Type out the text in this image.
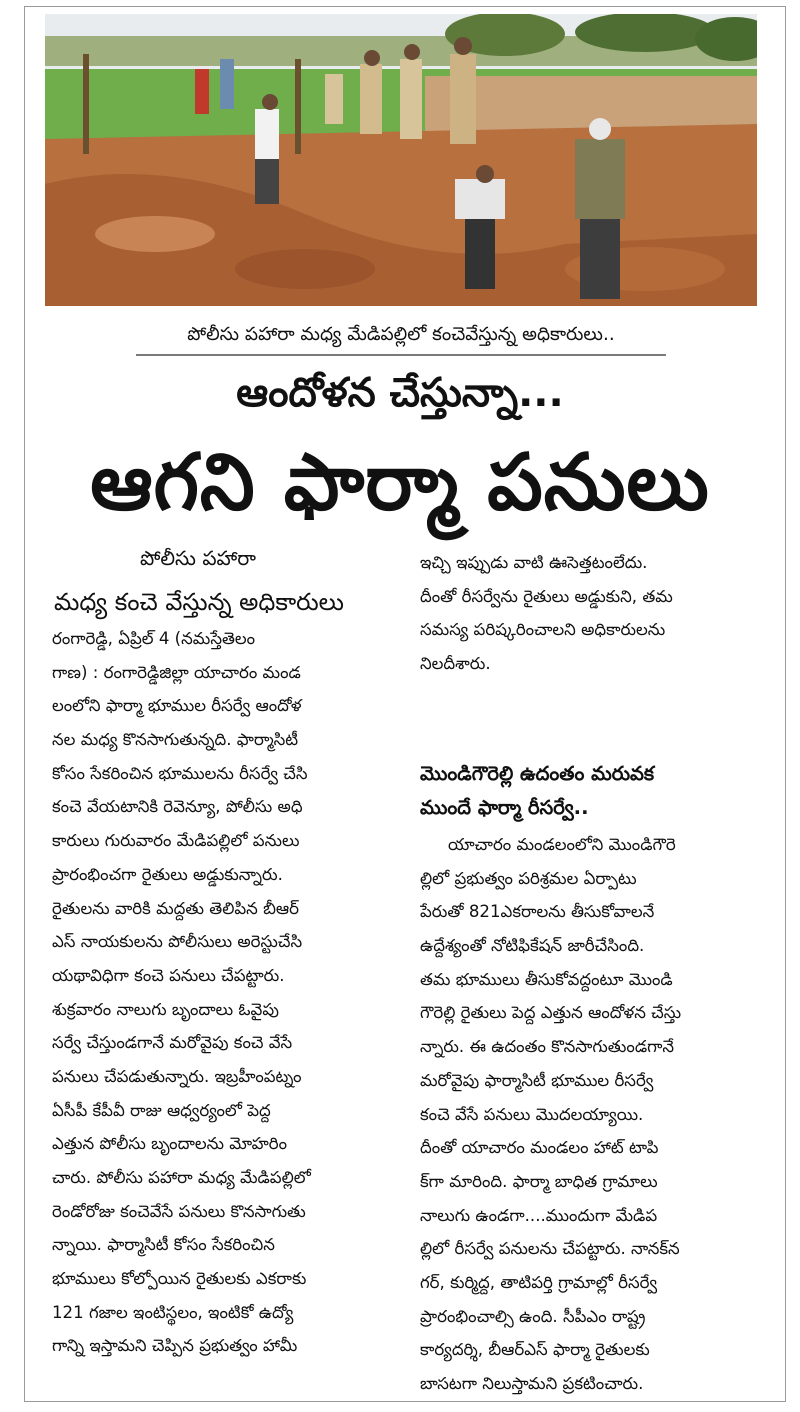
పోలీసు పహారా మధ్య మేడిపల్లిలో కంచెవేస్తున్న అధికారులు..
ఆందోళన చేస్తున్నా...
ఆగని ఫార్మా పనులు
పోలీసు పహారా
మధ్య కంచె వేస్తున్న అధికారులు
రంగారెడ్డి, ఏప్రిల్ 4 (నమస్తేతెలం
గాణ) : రంగారెడ్డిజిల్లా యాచారం మండ
లంలోని ఫార్మా భూముల రీసర్వే ఆందోళ
నల మధ్య కొనసాగుతున్నది. ఫార్మాసిటీ
కోసం సేకరించిన భూములను రీసర్వే చేసి
కంచె వేయటానికి రెవెన్యూ, పోలీసు అధి
కారులు గురువారం మేడిపల్లిలో పనులు
ప్రారంభించగా రైతులు అడ్డుకున్నారు.
రైతులను వారికి మద్దతు తెలిపిన బీఆర్
ఎస్ నాయకులను పోలీసులు అరెస్టుచేసి
యథావిధిగా కంచె పనులు చేపట్టారు.
శుక్రవారం నాలుగు బృందాలు ఓవైపు
సర్వే చేస్తుండగానే మరోవైపు కంచె వేసే
పనులు చేపడుతున్నారు. ఇబ్రహీంపట్నం
ఏసీపీ కేపీవీ రాజు ఆధ్వర్యంలో పెద్ద
ఎత్తున పోలీసు బృందాలను మోహరిం
చారు. పోలీసు పహారా మధ్య మేడిపల్లిలో
రెండోరోజు కంచెవేసే పనులు కొనసాగుతు
న్నాయి. ఫార్మాసిటీ కోసం సేకరించిన
భూములు కోల్పోయిన రైతులకు ఎకరాకు
121 గజాల ఇంటిస్థలం, ఇంటికో ఉద్యో
గాన్ని ఇస్తామని చెప్పిన ప్రభుత్వం హామీ
ఇచ్చి ఇప్పుడు వాటి ఊసెత్తటంలేదు.
దీంతో రీసర్వేను రైతులు అడ్డుకుని, తమ
సమస్య పరిష్కరించాలని అధికారులను
నిలదీశారు.
మొండిగౌరెల్లి ఉదంతం మరువక
ముందే ఫార్మా రీసర్వే..
యాచారం మండలంలోని మొండిగౌరె
ల్లిలో ప్రభుత్వం పరిశ్రమల ఏర్పాటు
పేరుతో 821ఎకరాలను తీసుకోవాలనే
ఉద్దేశ్యంతో నోటిఫికేషన్ జారీచేసింది.
తమ భూములు తీసుకోవద్దంటూ మొండి
గౌరెల్లి రైతులు పెద్ద ఎత్తున ఆందోళన చేస్తు
న్నారు. ఈ ఉదంతం కొనసాగుతుండగానే
మరోవైపు ఫార్మాసిటీ భూముల రీసర్వే
కంచె వేసే పనులు మొదలయ్యాయి.
దీంతో యాచారం మండలం హాట్ టాపి
క్‌గా మారింది. ఫార్మా బాధిత గ్రామాలు
నాలుగు ఉండగా....ముందుగా మేడిప
ల్లిలో రీసర్వే పనులను చేపట్టారు. నానక్‌న
గర్, కుర్మిద్ద, తాటిపర్తి గ్రామాల్లో రీసర్వే
ప్రారంభించాల్సి ఉంది. సీపీఎం రాష్ట్ర
కార్యదర్శి, బీఆర్ఎస్ ఫార్మా రైతులకు
బాసటగా నిలుస్తామని ప్రకటించారు.
